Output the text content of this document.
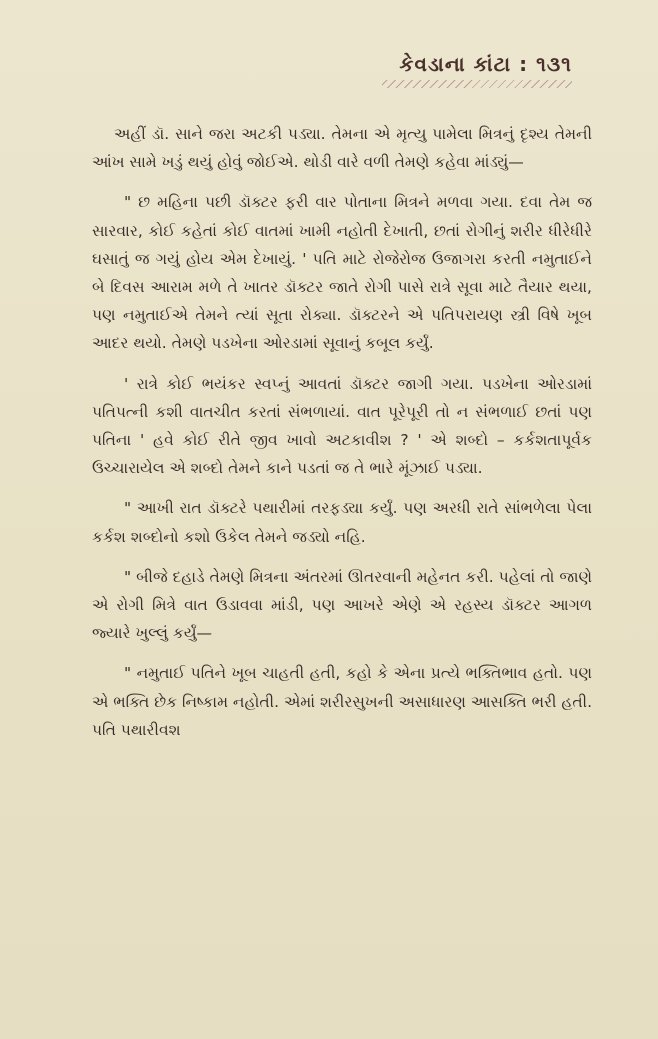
કેવડાના કાંટા : ૧૩૧

અહીં ડૉ. સાને જરા અટકી પડ્યા. તેમના એ મૃત્યુ પામેલા મિત્રનું દૃશ્ય તેમની આંખ સામે ખડું થયું હોવું જોઈએ. થોડી વારે વળી તેમણે કહેવા માંડ્યું—

" છ મહિના પછી ડૉક્ટર ફરી વાર પોતાના મિત્રને મળવા ગયા. દવા તેમ જ સારવાર, કોઈ કહેતાં કોઈ વાતમાં ખામી નહોતી દેખાતી, છતાં રોગીનું શરીર ધીરેધીરે ઘસાતું જ ગયું હોય એમ દેખાયું. ' પતિ માટે રોજેરોજ ઉજાગરા કરતી નમુતાઈને બે દિવસ આરામ મળે તે ખાતર ડૉક્ટર જાતે રોગી પાસે રાત્રે સૂવા માટે તૈયાર થયા, પણ નમુતાઈએ તેમને ત્યાં સૂતા રોક્યા. ડૉક્ટરને એ પતિપરાયણ સ્ત્રી વિષે ખૂબ આદર થયો. તેમણે પડખેના ઓરડામાં સૂવાનું કબૂલ કર્યું.

' રાત્રે કોઈ ભયંકર સ્વપ્નું આવતાં ડૉક્ટર જાગી ગયા. પડખેના ઓરડામાં પતિપત્ની કશી વાતચીત કરતાં સંભળાયાં. વાત પૂરેપૂરી તો ન સંભળાઈ છતાં પણ પતિના ' હવે કોઈ રીતે જીવ ખાવો અટકાવીશ ? ' એ શબ્દો – કર્કશતાપૂર્વક ઉચ્ચારાયેલ એ શબ્દો તેમને કાને પડતાં જ તે ભારે મૂંઝાઈ પડ્યા.

" આખી રાત ડૉક્ટરે પથારીમાં તરફડ્યા કર્યું. પણ અરધી રાતે સાંભળેલા પેલા કર્કશ શબ્દોનો કશો ઉકેલ તેમને જડ્યો નહિ.

" બીજે દહાડે તેમણે મિત્રના અંતરમાં ઊતરવાની મહેનત કરી. પહેલાં તો જાણે એ રોગી મિત્રે વાત ઉડાવવા માંડી, પણ આખરે એણે એ રહસ્ય ડૉક્ટર આગળ જ્યારે ખુલ્લું કર્યું—

" નમુતાઈ પતિને ખૂબ ચાહતી હતી, કહો કે એના પ્રત્યે ભક્તિભાવ હતો. પણ એ ભક્તિ છેક નિષ્કામ નહોતી. એમાં શરીરસુખની અસાધારણ આસક્તિ ભરી હતી. પતિ પથારીવશ
